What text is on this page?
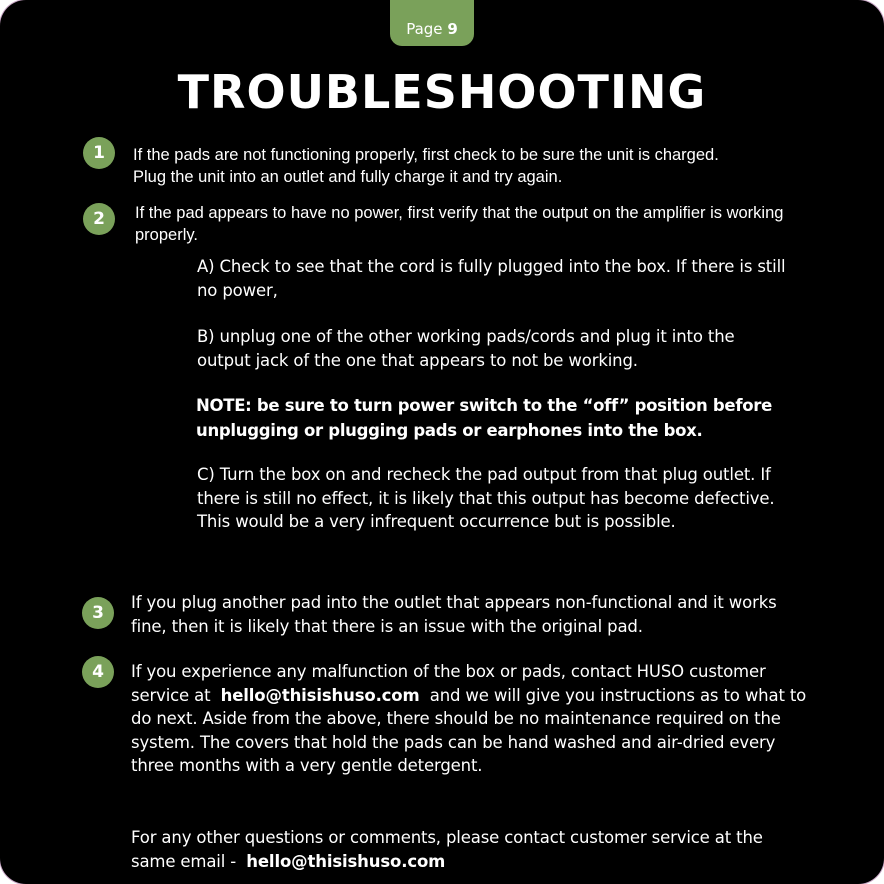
Page 9
TROUBLESHOOTING
1	If the pads are not functioning properly, first check to be sure the unit is charged. Plug the unit into an outlet and fully charge it and try again.

2	If the pad appears to have no power, first verify that the output on the amplifier is working properly.

A) Check to see that the cord is fully plugged into the box. If there is still no power,

B) unplug one of the other working pads/cords and plug it into the output jack of the one that appears to not be working.

NOTE: be sure to turn power switch to the “off” position before unplugging or plugging pads or earphones into the box.

C) Turn the box on and recheck the pad output from that plug outlet. If there is still no effect, it is likely that this output has become defective. This would be a very infrequent occurrence but is possible.

3

If you plug another pad into the outlet that appears non-functional and it works fine, then it is likely that there is an issue with the original pad.

4	If you experience any malfunction of the box or pads, contact HUSO customer service at hello@thisishuso.com and we will give you instructions as to what to do next. Aside from the above, there should be no maintenance required on the system. The covers that hold the pads can be hand washed and air-dried every three months with a very gentle detergent.

For any other questions or comments, please contact customer service at the same email - hello@thisishuso.com
